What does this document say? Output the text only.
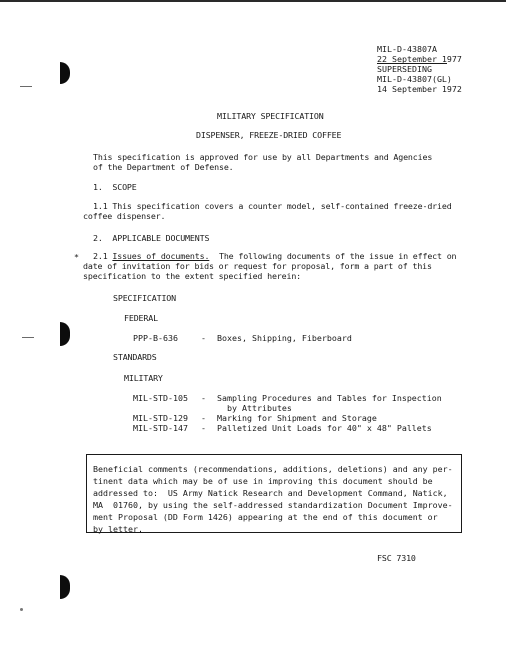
MIL-D-43807A
22 September 1977
SUPERSEDING
MIL-D-43807(GL)
14 September 1972
MILITARY SPECIFICATION
DISPENSER, FREEZE-DRIED COFFEE
This specification is approved for use by all Departments and Agencies
of the Department of Defense.
1.  SCOPE
1.1 This specification covers a counter model, self-contained freeze-dried
coffee dispenser.
2.  APPLICABLE DOCUMENTS
* 2.1 Issues of documents.  The following documents of the issue in effect on
date of invitation for bids or request for proposal, form a part of this
specification to the extent specified herein:
SPECIFICATION
FEDERAL
PPP-B-636	- Boxes, Shipping, Fiberboard
STANDARDS
MILITARY
MIL-STD-105 - Sampling Procedures and Tables for Inspection
by Attributes
MIL-STD-129 - Marking for Shipment and Storage
MIL-STD-147 - Palletized Unit Loads for 40" x 48" Pallets
Beneficial comments (recommendations, additions, deletions) and any per-
tinent data which may be of use in improving this document should be
addressed to:  US Army Natick Research and Development Command, Natick,
MA  01760, by using the self-addressed standardization Document Improve-
ment Proposal (DD Form 1426) appearing at the end of this document or
by letter.
FSC 7310
